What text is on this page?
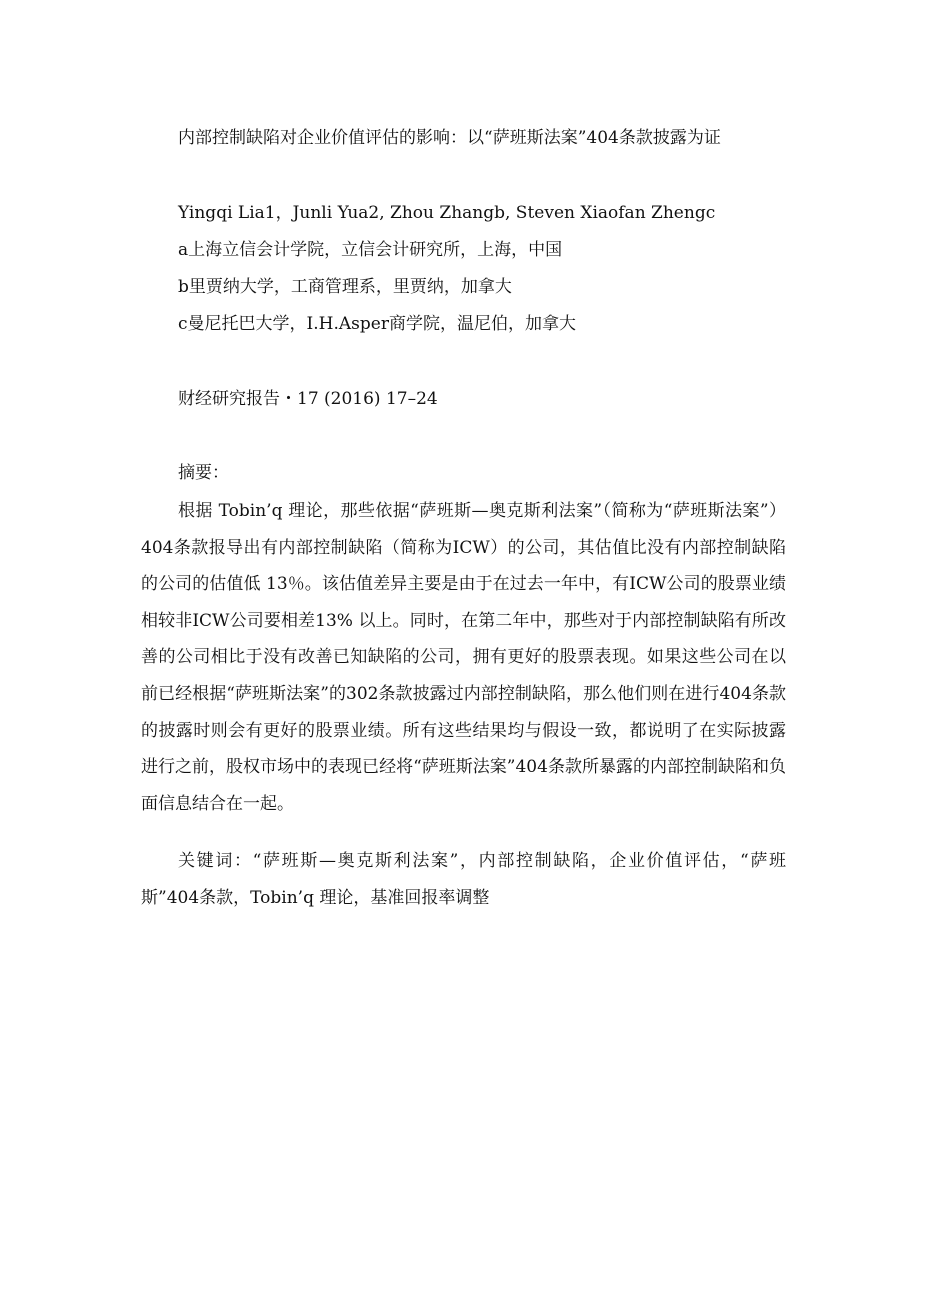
内部控制缺陷对企业价值评估的影响：以“萨班斯法案”404条款披露为证
Yingqi Lia1，Junli Yua2, Zhou Zhangb, Steven Xiaofan Zhengc
a上海立信会计学院，立信会计研究所，上海，中国
b里贾纳大学，工商管理系，里贾纳，加拿大
c曼尼托巴大学，I.H.Asper商学院，温尼伯，加拿大
财经研究报告・17 (2016) 17–24
摘要：

根据 Tobin’q 理论，那些依据“萨班斯—奥克斯利法案”（简称为“萨班斯法案”）404条款报导出有内部控制缺陷（简称为ICW）的公司，其估值比没有内部控制缺陷的公司的估值低 13％。该估值差异主要是由于在过去一年中，有ICW公司的股票业绩相较非ICW公司要相差13% 以上。同时，在第二年中，那些对于内部控制缺陷有所改善的公司相比于没有改善已知缺陷的公司，拥有更好的股票表现。如果这些公司在以前已经根据“萨班斯法案”的302条款披露过内部控制缺陷，那么他们则在进行404条款的披露时则会有更好的股票业绩。所有这些结果均与假设一致，都说明了在实际披露进行之前，股权市场中的表现已经将“萨班斯法案”404条款所暴露的内部控制缺陷和负面信息结合在一起。

关键词：“萨班斯—奥克斯利法案”，内部控制缺陷，企业价值评估，“萨班斯”404条款，Tobin’q 理论，基准回报率调整
